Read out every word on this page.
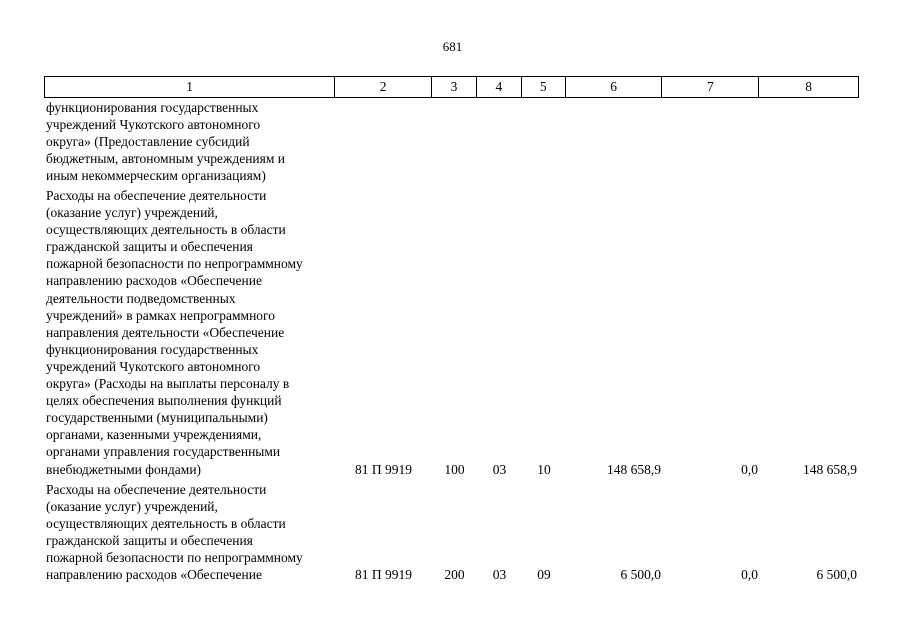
681
1	2	3	4	5	6	7	8
функционирования государственных
учреждений Чукотского автономного
округа» (Предоставление субсидий
бюджетным, автономным учреждениям и
иным некоммерческим организациям)
Расходы на обеспечение деятельности
(оказание услуг) учреждений,
осуществляющих деятельность в области
гражданской защиты и обеспечения
пожарной безопасности по непрограммному
направлению расходов «Обеспечение
деятельности подведомственных
учреждений» в рамках непрограммного
направления деятельности «Обеспечение
функционирования государственных
учреждений Чукотского автономного
округа» (Расходы на выплаты персоналу в
целях обеспечения выполнения функций
государственными (муниципальными)
органами, казенными учреждениями,
органами управления государственными
внебюджетными фондами)	81 П 9919	100	03	10	148 658,9	0,0	148 658,9
Расходы на обеспечение деятельности
(оказание услуг) учреждений,
осуществляющих деятельность в области
гражданской защиты и обеспечения
пожарной безопасности по непрограммному
направлению расходов «Обеспечение	81 П 9919	200	03	09	6 500,0	0,0	6 500,0
